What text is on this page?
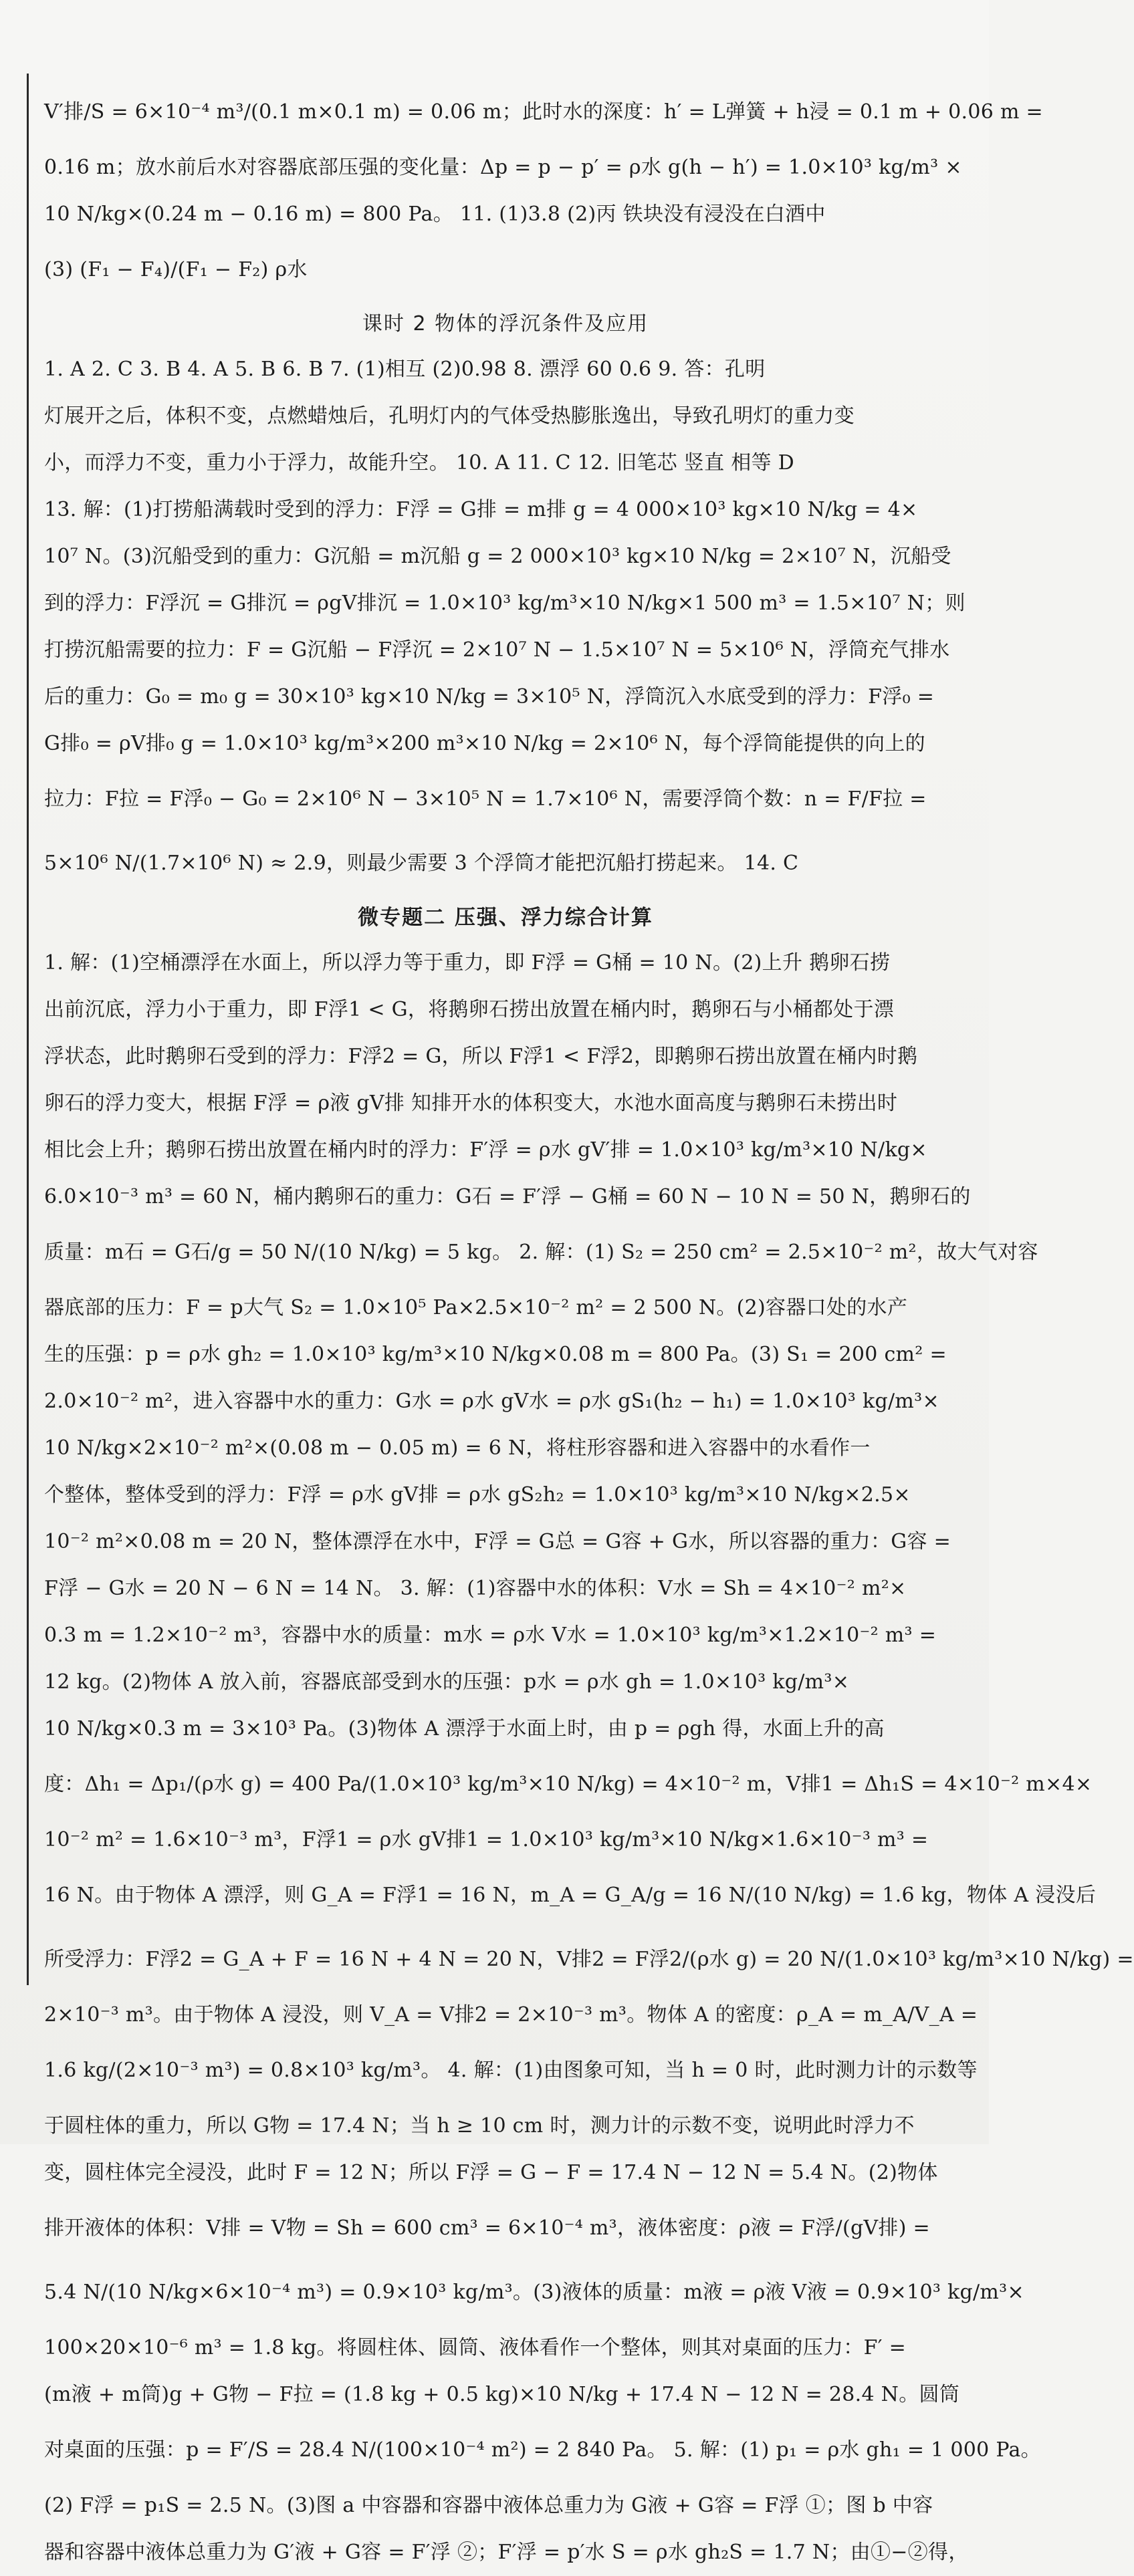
V′排/S = 6×10⁻⁴ m³/(0.1 m×0.1 m) = 0.06 m；此时水的深度：h′ = L弹簧 + h浸 = 0.1 m + 0.06 m =
0.16 m；放水前后水对容器底部压强的变化量：Δp = p − p′ = ρ水 g(h − h′) = 1.0×10³ kg/m³ ×
10 N/kg×(0.24 m − 0.16 m) = 800 Pa。 11. (1)3.8 (2)丙 铁块没有浸没在白酒中
(3) (F₁ − F₄)/(F₁ − F₂) ρ水
课时 2 物体的浮沉条件及应用
1. A 2. C 3. B 4. A 5. B 6. B 7. (1)相互 (2)0.98 8. 漂浮 60 0.6 9. 答：孔明
灯展开之后，体积不变，点燃蜡烛后，孔明灯内的气体受热膨胀逸出，导致孔明灯的重力变
小，而浮力不变，重力小于浮力，故能升空。 10. A 11. C 12. 旧笔芯 竖直 相等 D
13. 解：(1)打捞船满载时受到的浮力：F浮 = G排 = m排 g = 4 000×10³ kg×10 N/kg = 4×
10⁷ N。(3)沉船受到的重力：G沉船 = m沉船 g = 2 000×10³ kg×10 N/kg = 2×10⁷ N，沉船受
到的浮力：F浮沉 = G排沉 = ρgV排沉 = 1.0×10³ kg/m³×10 N/kg×1 500 m³ = 1.5×10⁷ N；则
打捞沉船需要的拉力：F = G沉船 − F浮沉 = 2×10⁷ N − 1.5×10⁷ N = 5×10⁶ N，浮筒充气排水
后的重力：G₀ = m₀ g = 30×10³ kg×10 N/kg = 3×10⁵ N，浮筒沉入水底受到的浮力：F浮₀ =
G排₀ = ρV排₀ g = 1.0×10³ kg/m³×200 m³×10 N/kg = 2×10⁶ N，每个浮筒能提供的向上的
拉力：F拉 = F浮₀ − G₀ = 2×10⁶ N − 3×10⁵ N = 1.7×10⁶ N，需要浮筒个数：n = F/F拉 =
5×10⁶ N/(1.7×10⁶ N) ≈ 2.9，则最少需要 3 个浮筒才能把沉船打捞起来。 14. C
微专题二 压强、浮力综合计算
1. 解：(1)空桶漂浮在水面上，所以浮力等于重力，即 F浮 = G桶 = 10 N。(2)上升 鹅卵石捞
出前沉底，浮力小于重力，即 F浮1 < G，将鹅卵石捞出放置在桶内时，鹅卵石与小桶都处于漂
浮状态，此时鹅卵石受到的浮力：F浮2 = G，所以 F浮1 < F浮2，即鹅卵石捞出放置在桶内时鹅
卵石的浮力变大，根据 F浮 = ρ液 gV排 知排开水的体积变大，水池水面高度与鹅卵石未捞出时
相比会上升；鹅卵石捞出放置在桶内时的浮力：F′浮 = ρ水 gV′排 = 1.0×10³ kg/m³×10 N/kg×
6.0×10⁻³ m³ = 60 N，桶内鹅卵石的重力：G石 = F′浮 − G桶 = 60 N − 10 N = 50 N，鹅卵石的
质量：m石 = G石/g = 50 N/(10 N/kg) = 5 kg。 2. 解：(1) S₂ = 250 cm² = 2.5×10⁻² m²，故大气对容
器底部的压力：F = p大气 S₂ = 1.0×10⁵ Pa×2.5×10⁻² m² = 2 500 N。(2)容器口处的水产
生的压强：p = ρ水 gh₂ = 1.0×10³ kg/m³×10 N/kg×0.08 m = 800 Pa。(3) S₁ = 200 cm² =
2.0×10⁻² m²，进入容器中水的重力：G水 = ρ水 gV水 = ρ水 gS₁(h₂ − h₁) = 1.0×10³ kg/m³×
10 N/kg×2×10⁻² m²×(0.08 m − 0.05 m) = 6 N，将柱形容器和进入容器中的水看作一
个整体，整体受到的浮力：F浮 = ρ水 gV排 = ρ水 gS₂h₂ = 1.0×10³ kg/m³×10 N/kg×2.5×
10⁻² m²×0.08 m = 20 N，整体漂浮在水中，F浮 = G总 = G容 + G水，所以容器的重力：G容 =
F浮 − G水 = 20 N − 6 N = 14 N。 3. 解：(1)容器中水的体积：V水 = Sh = 4×10⁻² m²×
0.3 m = 1.2×10⁻² m³，容器中水的质量：m水 = ρ水 V水 = 1.0×10³ kg/m³×1.2×10⁻² m³ =
12 kg。(2)物体 A 放入前，容器底部受到水的压强：p水 = ρ水 gh = 1.0×10³ kg/m³×
10 N/kg×0.3 m = 3×10³ Pa。(3)物体 A 漂浮于水面上时，由 p = ρgh 得，水面上升的高
度：Δh₁ = Δp₁/(ρ水 g) = 400 Pa/(1.0×10³ kg/m³×10 N/kg) = 4×10⁻² m，V排1 = Δh₁S = 4×10⁻² m×4×
10⁻² m² = 1.6×10⁻³ m³，F浮1 = ρ水 gV排1 = 1.0×10³ kg/m³×10 N/kg×1.6×10⁻³ m³ =
16 N。由于物体 A 漂浮，则 G_A = F浮1 = 16 N，m_A = G_A/g = 16 N/(10 N/kg) = 1.6 kg，物体 A 浸没后
所受浮力：F浮2 = G_A + F = 16 N + 4 N = 20 N，V排2 = F浮2/(ρ水 g) = 20 N/(1.0×10³ kg/m³×10 N/kg) =
2×10⁻³ m³。由于物体 A 浸没，则 V_A = V排2 = 2×10⁻³ m³。物体 A 的密度：ρ_A = m_A/V_A =
1.6 kg/(2×10⁻³ m³) = 0.8×10³ kg/m³。 4. 解：(1)由图象可知，当 h = 0 时，此时测力计的示数等
于圆柱体的重力，所以 G物 = 17.4 N；当 h ≥ 10 cm 时，测力计的示数不变，说明此时浮力不
变，圆柱体完全浸没，此时 F = 12 N；所以 F浮 = G − F = 17.4 N − 12 N = 5.4 N。(2)物体
排开液体的体积：V排 = V物 = Sh = 600 cm³ = 6×10⁻⁴ m³，液体密度：ρ液 = F浮/(gV排) =
5.4 N/(10 N/kg×6×10⁻⁴ m³) = 0.9×10³ kg/m³。(3)液体的质量：m液 = ρ液 V液 = 0.9×10³ kg/m³×
100×20×10⁻⁶ m³ = 1.8 kg。将圆柱体、圆筒、液体看作一个整体，则其对桌面的压力：F′ =
(m液 + m筒)g + G物 − F拉 = (1.8 kg + 0.5 kg)×10 N/kg + 17.4 N − 12 N = 28.4 N。圆筒
对桌面的压强：p = F′/S = 28.4 N/(100×10⁻⁴ m²) = 2 840 Pa。 5. 解：(1) p₁ = ρ水 gh₁ = 1 000 Pa。
(2) F浮 = p₁S = 2.5 N。(3)图 a 中容器和容器中液体总重力为 G液 + G容 = F浮 ①；图 b 中容
器和容器中液体总重力为 G′液 + G容 = F′浮 ②；F′浮 = p′水 S = ρ水 gh₂S = 1.7 N；由①−②得，
